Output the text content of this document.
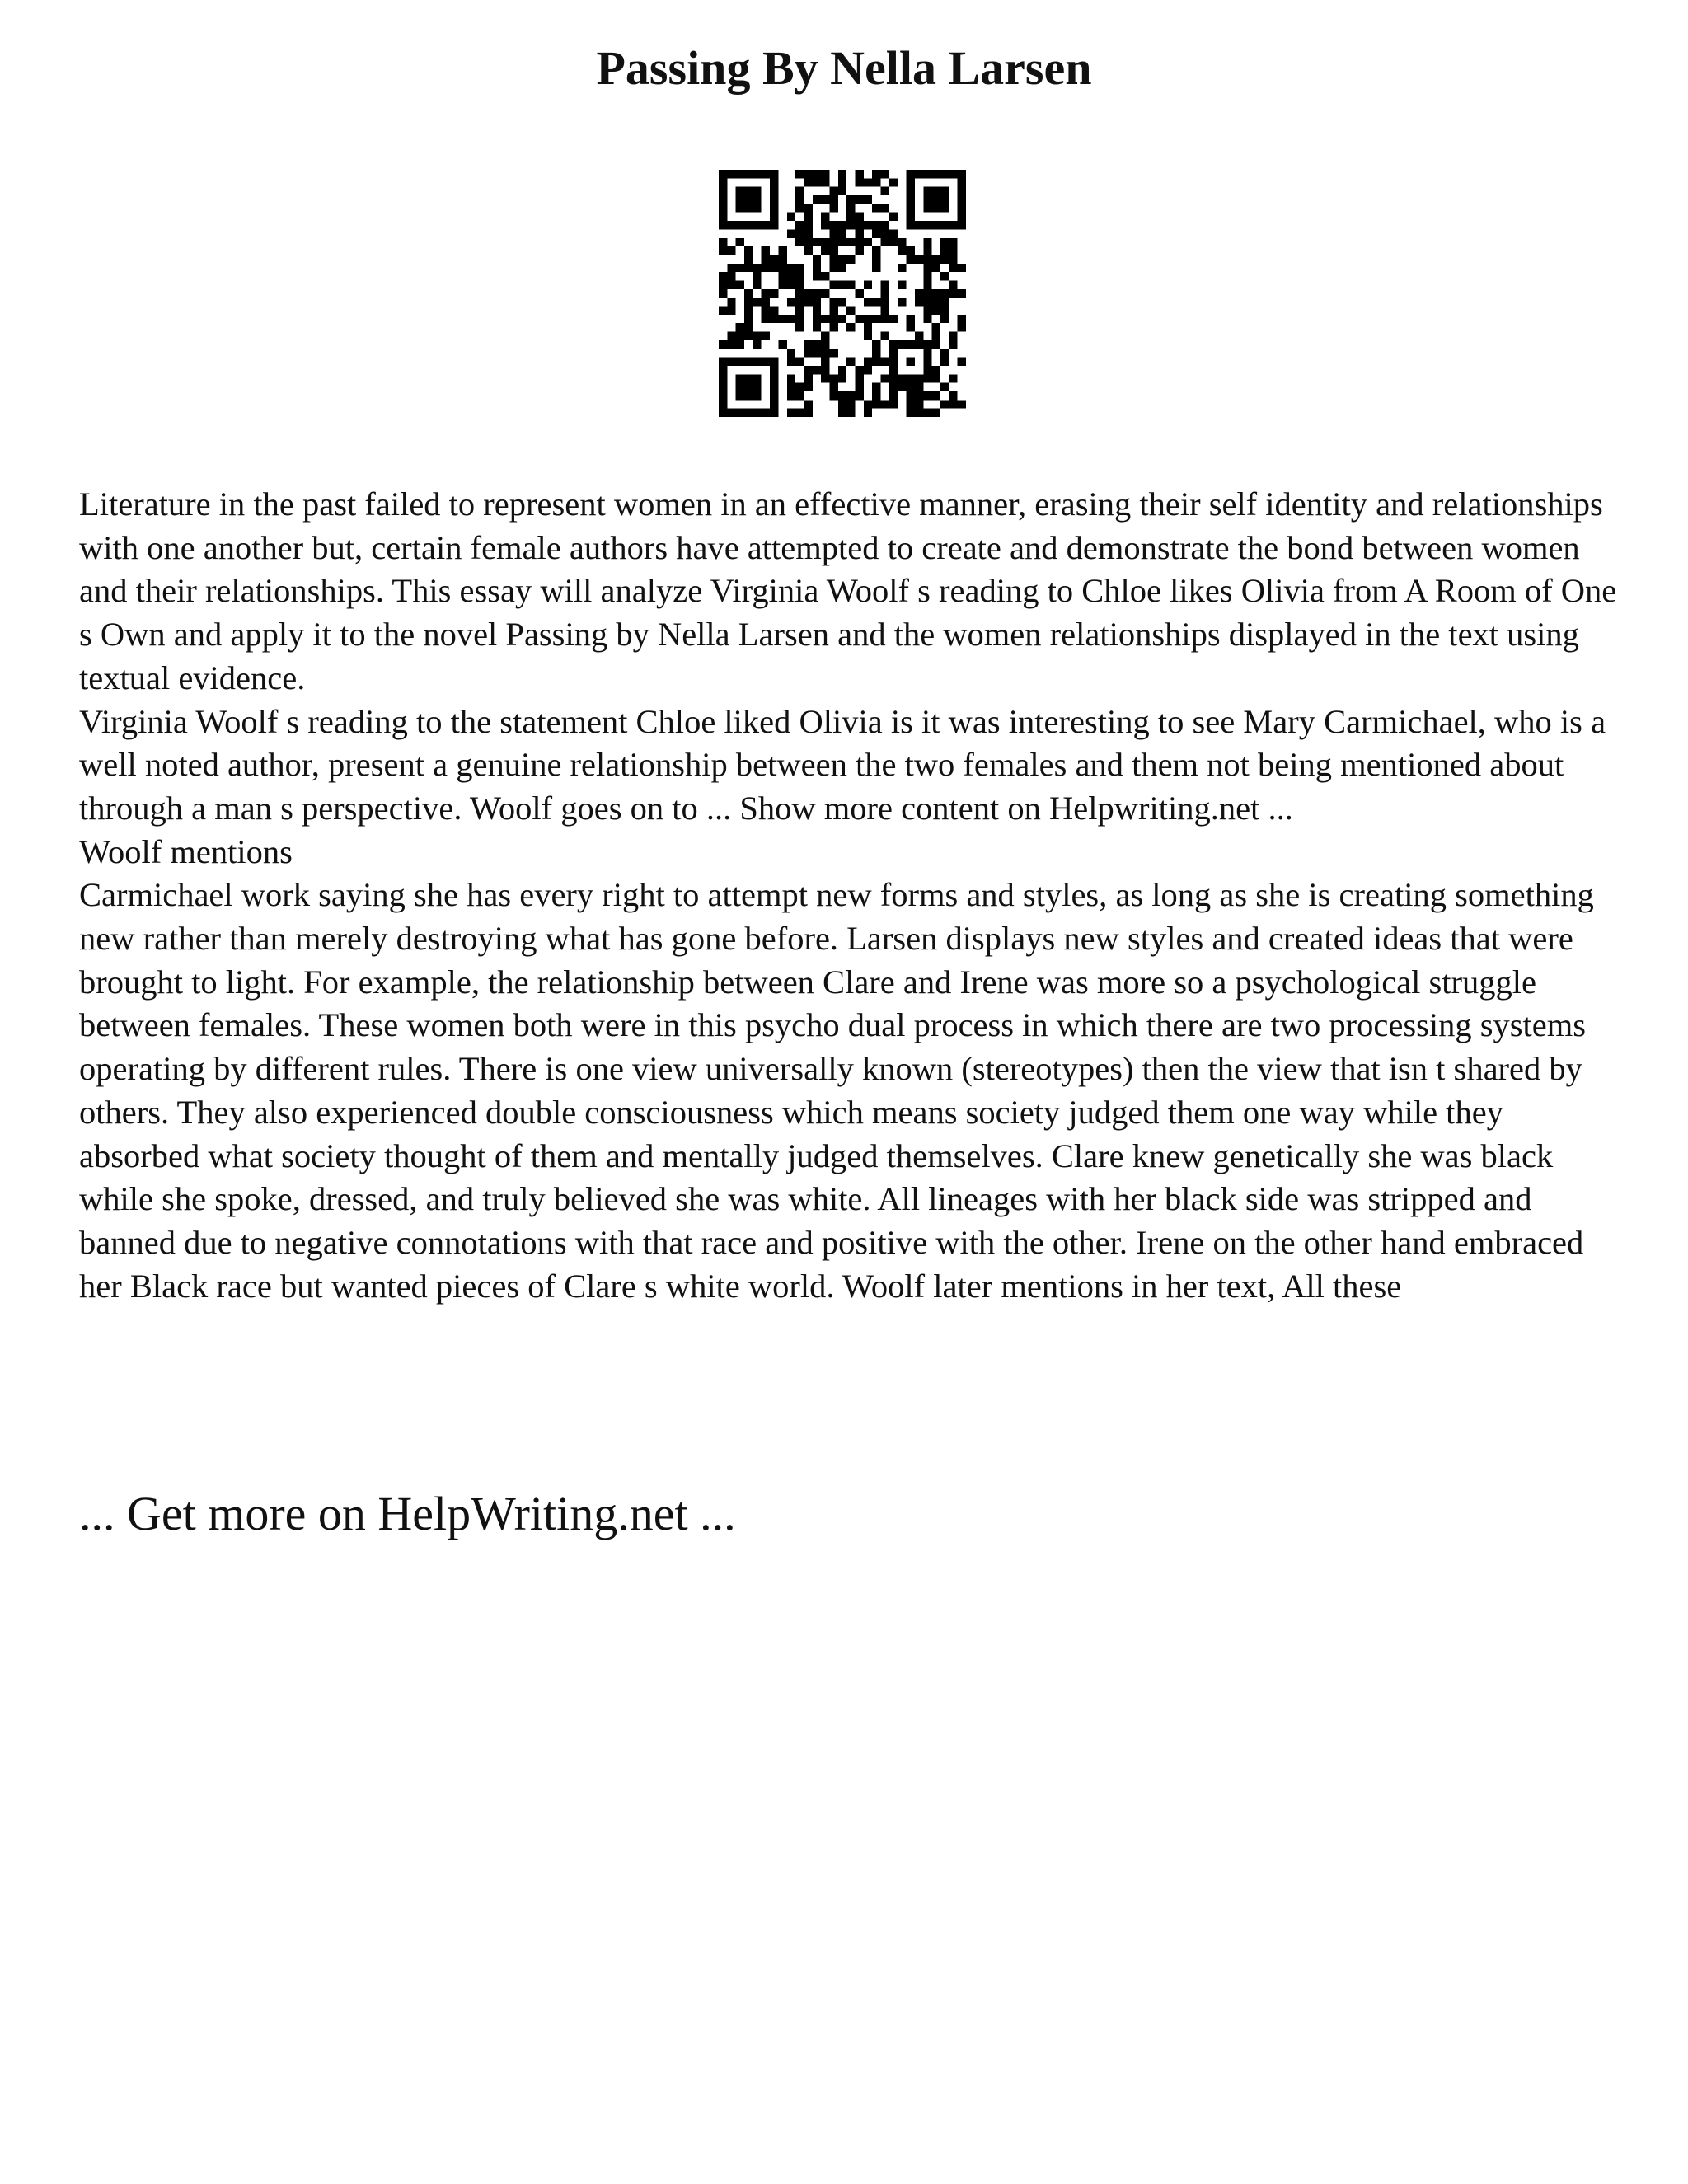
Passing By Nella Larsen

Literature in the past failed to represent women in an effective manner, erasing their self identity and relationships with one another but, certain female authors have attempted to create and demonstrate the bond between women and their relationships. This essay will analyze Virginia Woolf s reading to Chloe likes Olivia from A Room of One s Own and apply it to the novel Passing by Nella Larsen and the women relationships displayed in the text using textual evidence.

Virginia Woolf s reading to the statement Chloe liked Olivia is it was interesting to see Mary Carmichael, who is a well noted author, present a genuine relationship between the two females and them not being mentioned about through a man s perspective. Woolf goes on to ... Show more content on Helpwriting.net ...

Woolf mentions

Carmichael work saying she has every right to attempt new forms and styles, as long as she is creating something new rather than merely destroying what has gone before. Larsen displays new styles and created ideas that were brought to light. For example, the relationship between Clare and Irene was more so a psychological struggle between females. These women both were in this psycho dual process in which there are two processing systems operating by different rules. There is one view universally known (stereotypes) then the view that isn t shared by others. They also experienced double consciousness which means society judged them one way while they absorbed what society thought of them and mentally judged themselves. Clare knew genetically she was black while she spoke, dressed, and truly believed she was white. All lineages with her black side was stripped and banned due to negative connotations with that race and positive with the other. Irene on the other hand embraced her Black race but wanted pieces of Clare s white world. Woolf later mentions in her text, All these

... Get more on HelpWriting.net ...
